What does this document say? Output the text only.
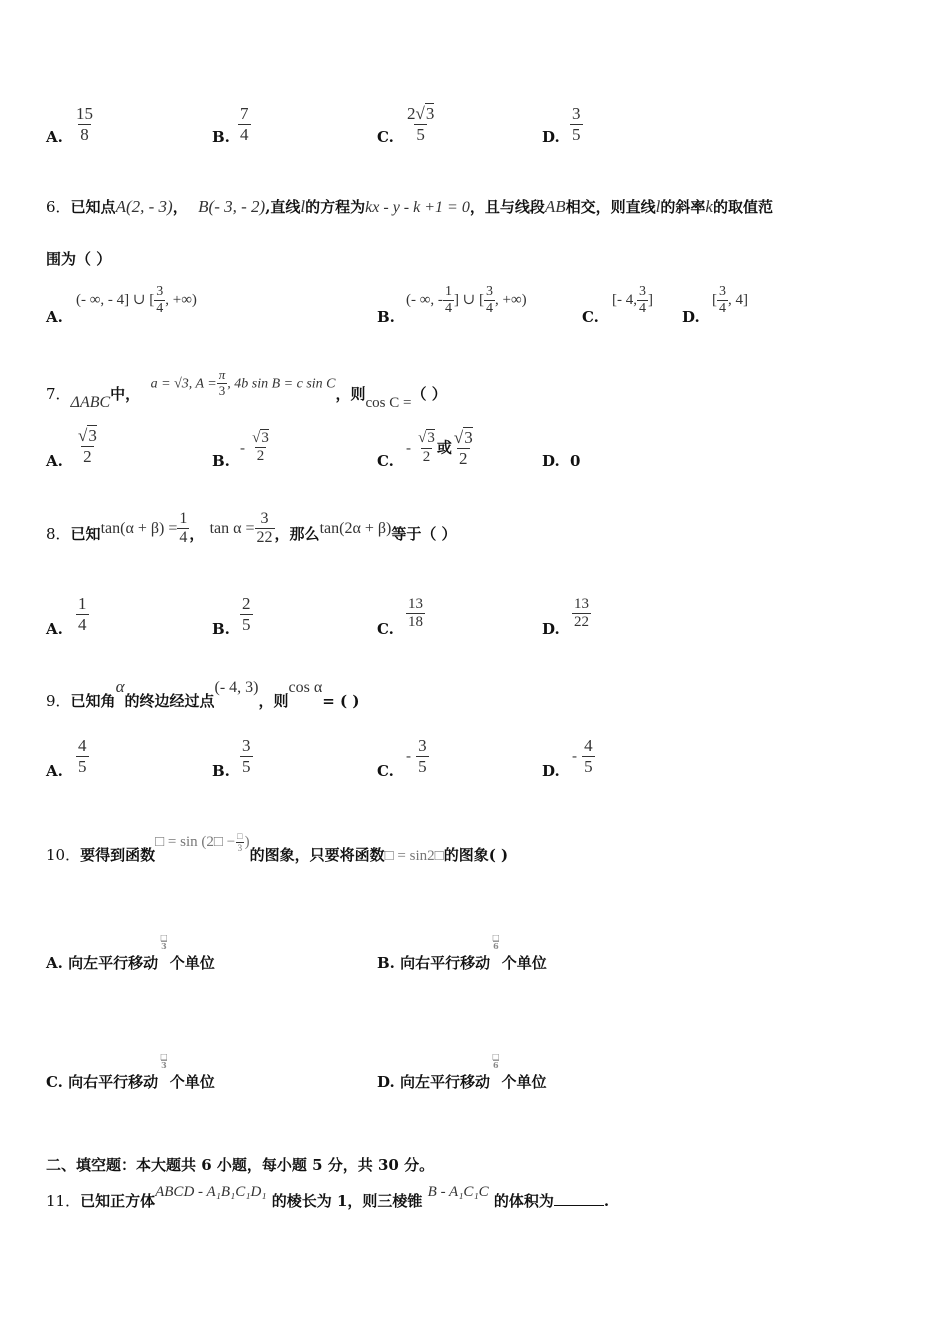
A. $\frac{15}{8}$	B. $\frac{7}{4}$	C. $\frac{2√3}{5}$	D. $\frac{3}{5}$
6．已知点A(2, - 3)， B(- 3, - 2),直线l的方程为kx - y - k +1 = 0，且与线段AB相交，则直线l的斜率k的取值范
围为（ ）
A.
(- ∞, - 4] ∪ [ $\frac{3}{4}$ , +∞)
B.
(- ∞, - $\frac{1}{4}$ ] ∪ [ $\frac{3}{4}$ , +∞)
C.
[- 4, $\frac{3}{4}$ ]
D.
[ $\frac{3}{4}$ , 4]
7．ΔABC中，  a = √3, $A = \frac{\pi}{3}$ , 4b sin B = c sin C，则cos C =（ ）
A. $\frac{√3}{2}$	B.
- $\frac{√3}{2}$	C.
- $\frac{√3}{2}$ 或 $\frac{√3}{2}$	D. 0
8．已知$\tan(\alpha + \beta) = \frac{1}{4}$ ， $\tan \alpha = \frac{3}{22}$ ，那么tan(2α + β)等于（ ）
A. $\frac{1}{4}$	B. $\frac{2}{5}$	C. $\frac{13}{18}$	D. $\frac{13}{22}$
9．已知角α的终边经过点(- 4, 3)，则cos α= ( )
A. $\frac{4}{5}$	B. $\frac{3}{5}$	C.
- $\frac{3}{5}$	D.
- $\frac{4}{5}$
10．要得到函数□ = sin (2□ − $\frac{□}{3}$ )的图象，只要将函数□ = sin2□的图象( )
A. 向左平行移动
□
3
个单位	B. 向右平行移动
□
6
个单位
C. 向右平行移动
□
3
个单位	D. 向左平行移动
□
6
个单位
二、填空题：本大题共 6 小题，每小题 5 分，共 30 分。
11．已知正方体ABCD - A₁B₁C₁D₁ 的棱长为 1，则三棱锥 B - A₁C₁C 的体积为	.
